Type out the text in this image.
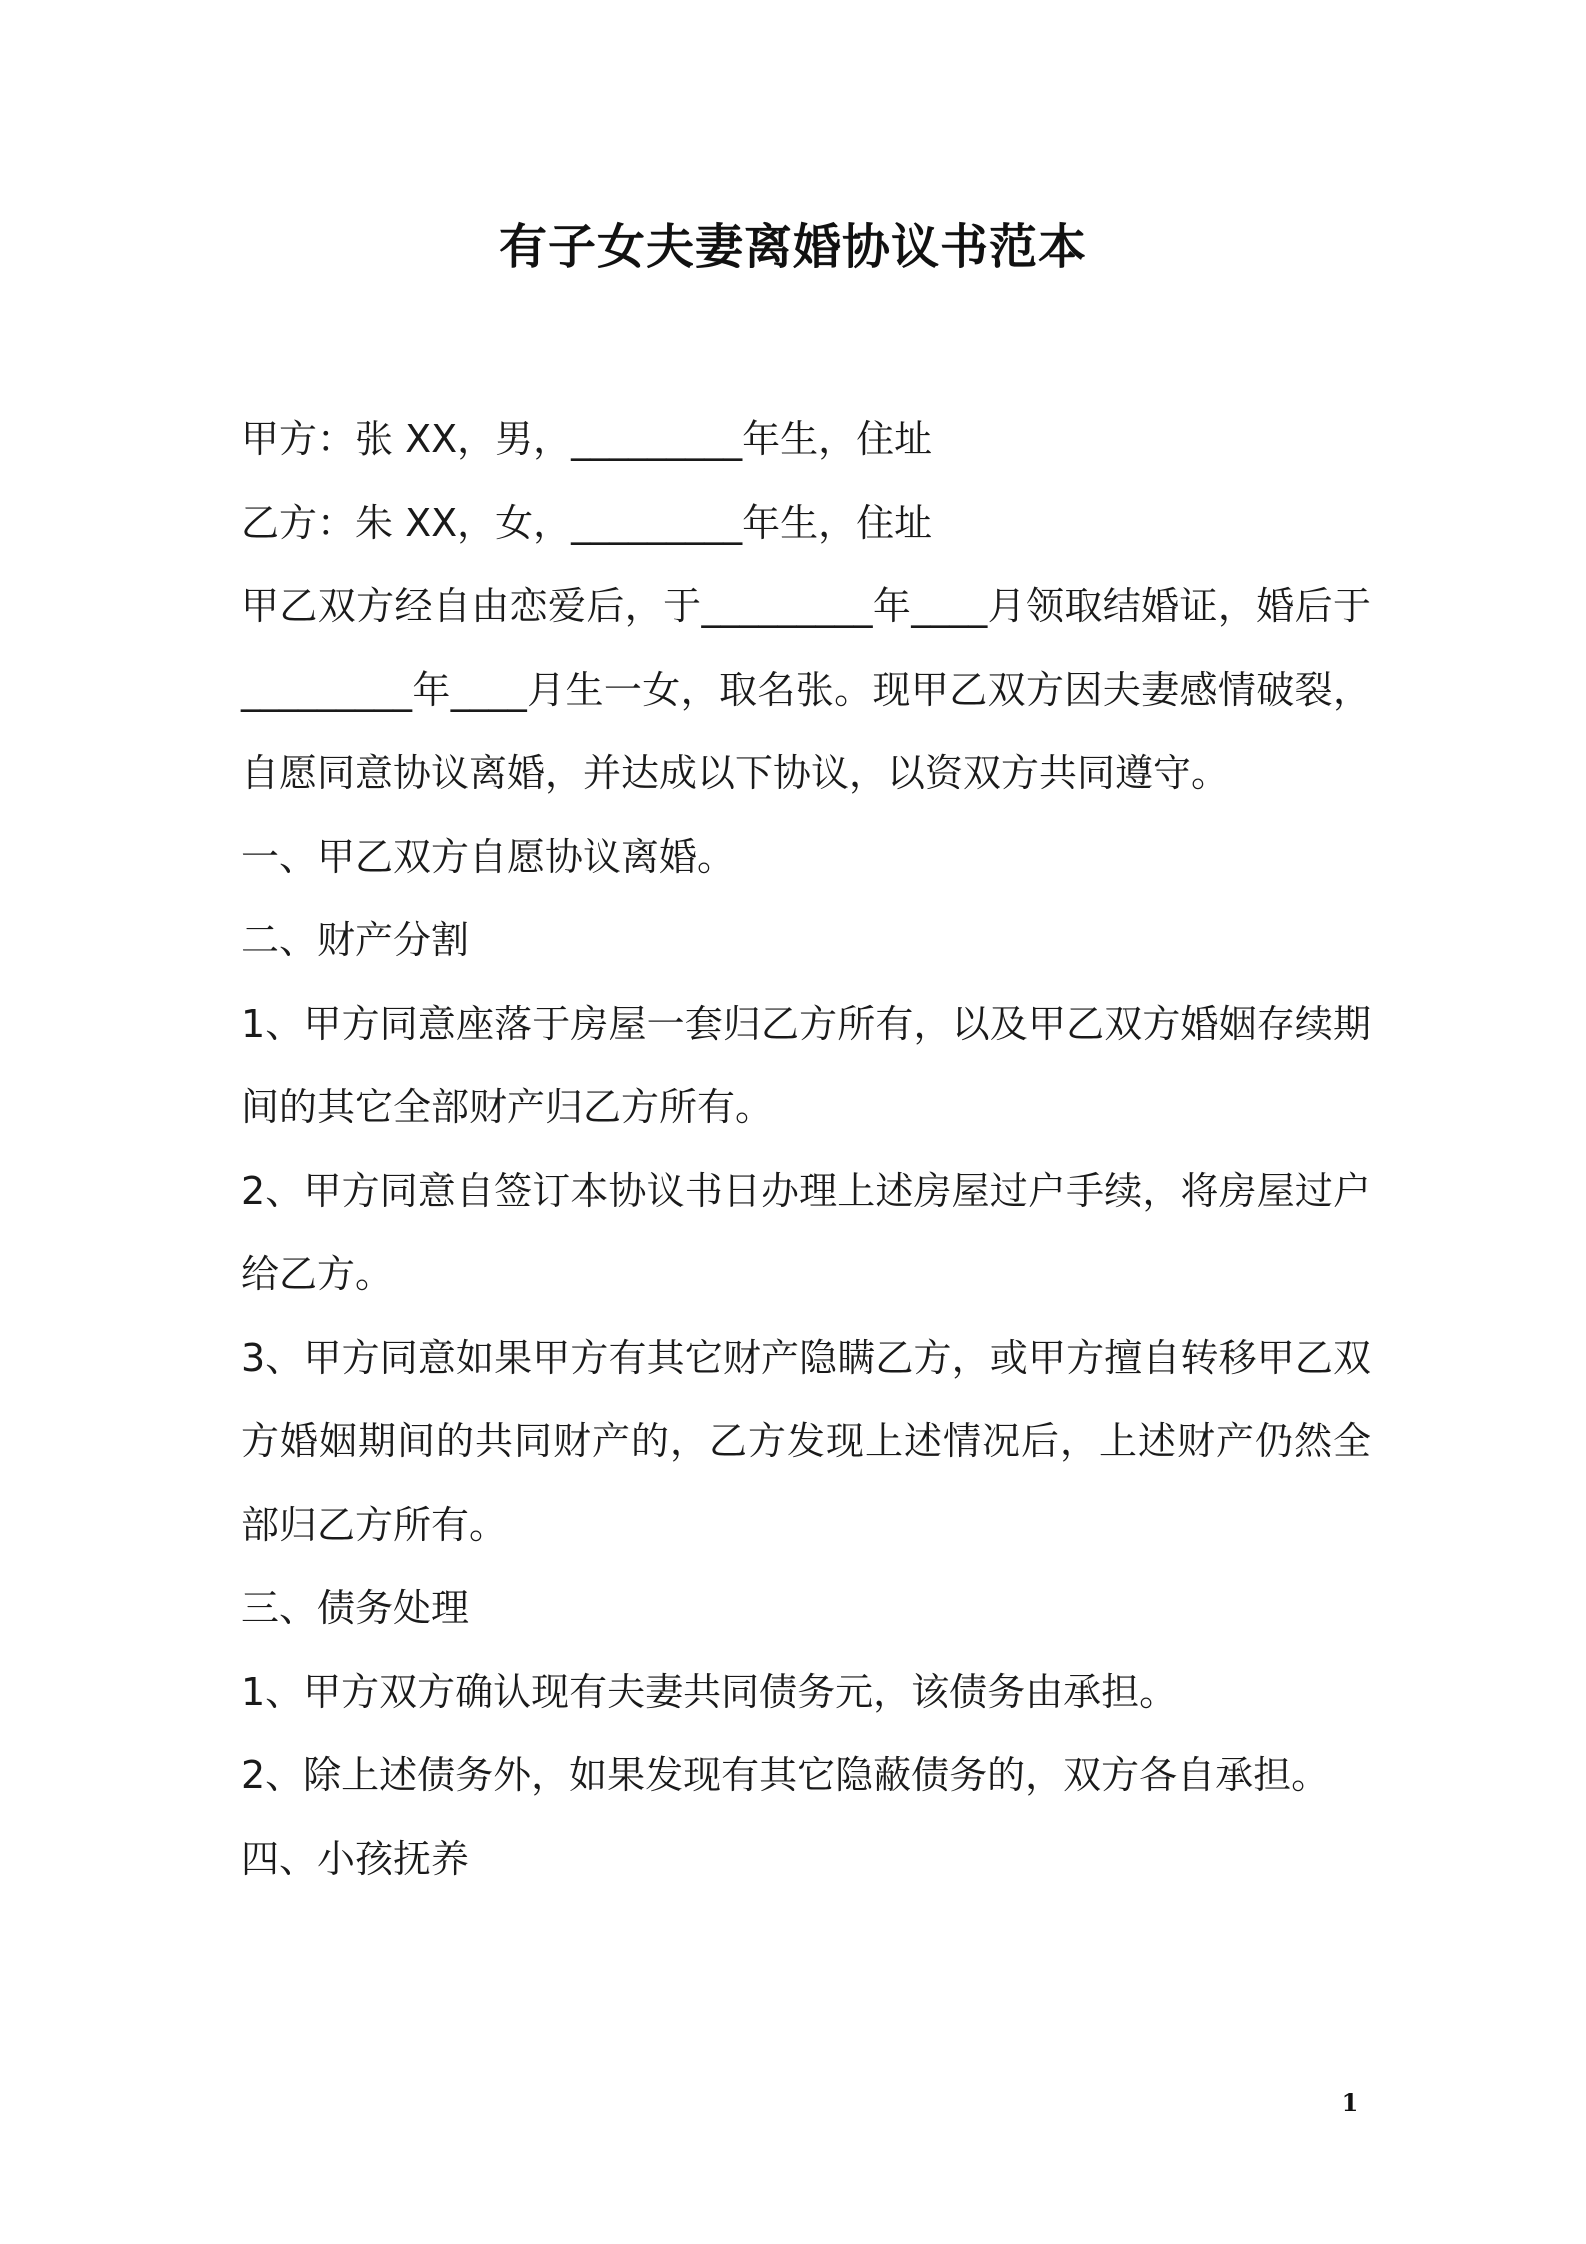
有子女夫妻离婚协议书范本

甲方：张 XX，男，_________年生，住址

乙方：朱 XX，女，_________年生，住址

甲乙双方经自由恋爱后，于_________年____月领取结婚证，婚后于_________年____月生一女，取名张。现甲乙双方因夫妻感情破裂，自愿同意协议离婚，并达成以下协议，以资双方共同遵守。

一、甲乙双方自愿协议离婚。

二、财产分割

1、甲方同意座落于房屋一套归乙方所有，以及甲乙双方婚姻存续期间的其它全部财产归乙方所有。

2、甲方同意自签订本协议书日办理上述房屋过户手续，将房屋过户给乙方。

3、甲方同意如果甲方有其它财产隐瞒乙方，或甲方擅自转移甲乙双方婚姻期间的共同财产的，乙方发现上述情况后，上述财产仍然全部归乙方所有。

三、债务处理

1、甲方双方确认现有夫妻共同债务元，该债务由承担。

2、除上述债务外，如果发现有其它隐蔽债务的，双方各自承担。

四、小孩抚养

1
